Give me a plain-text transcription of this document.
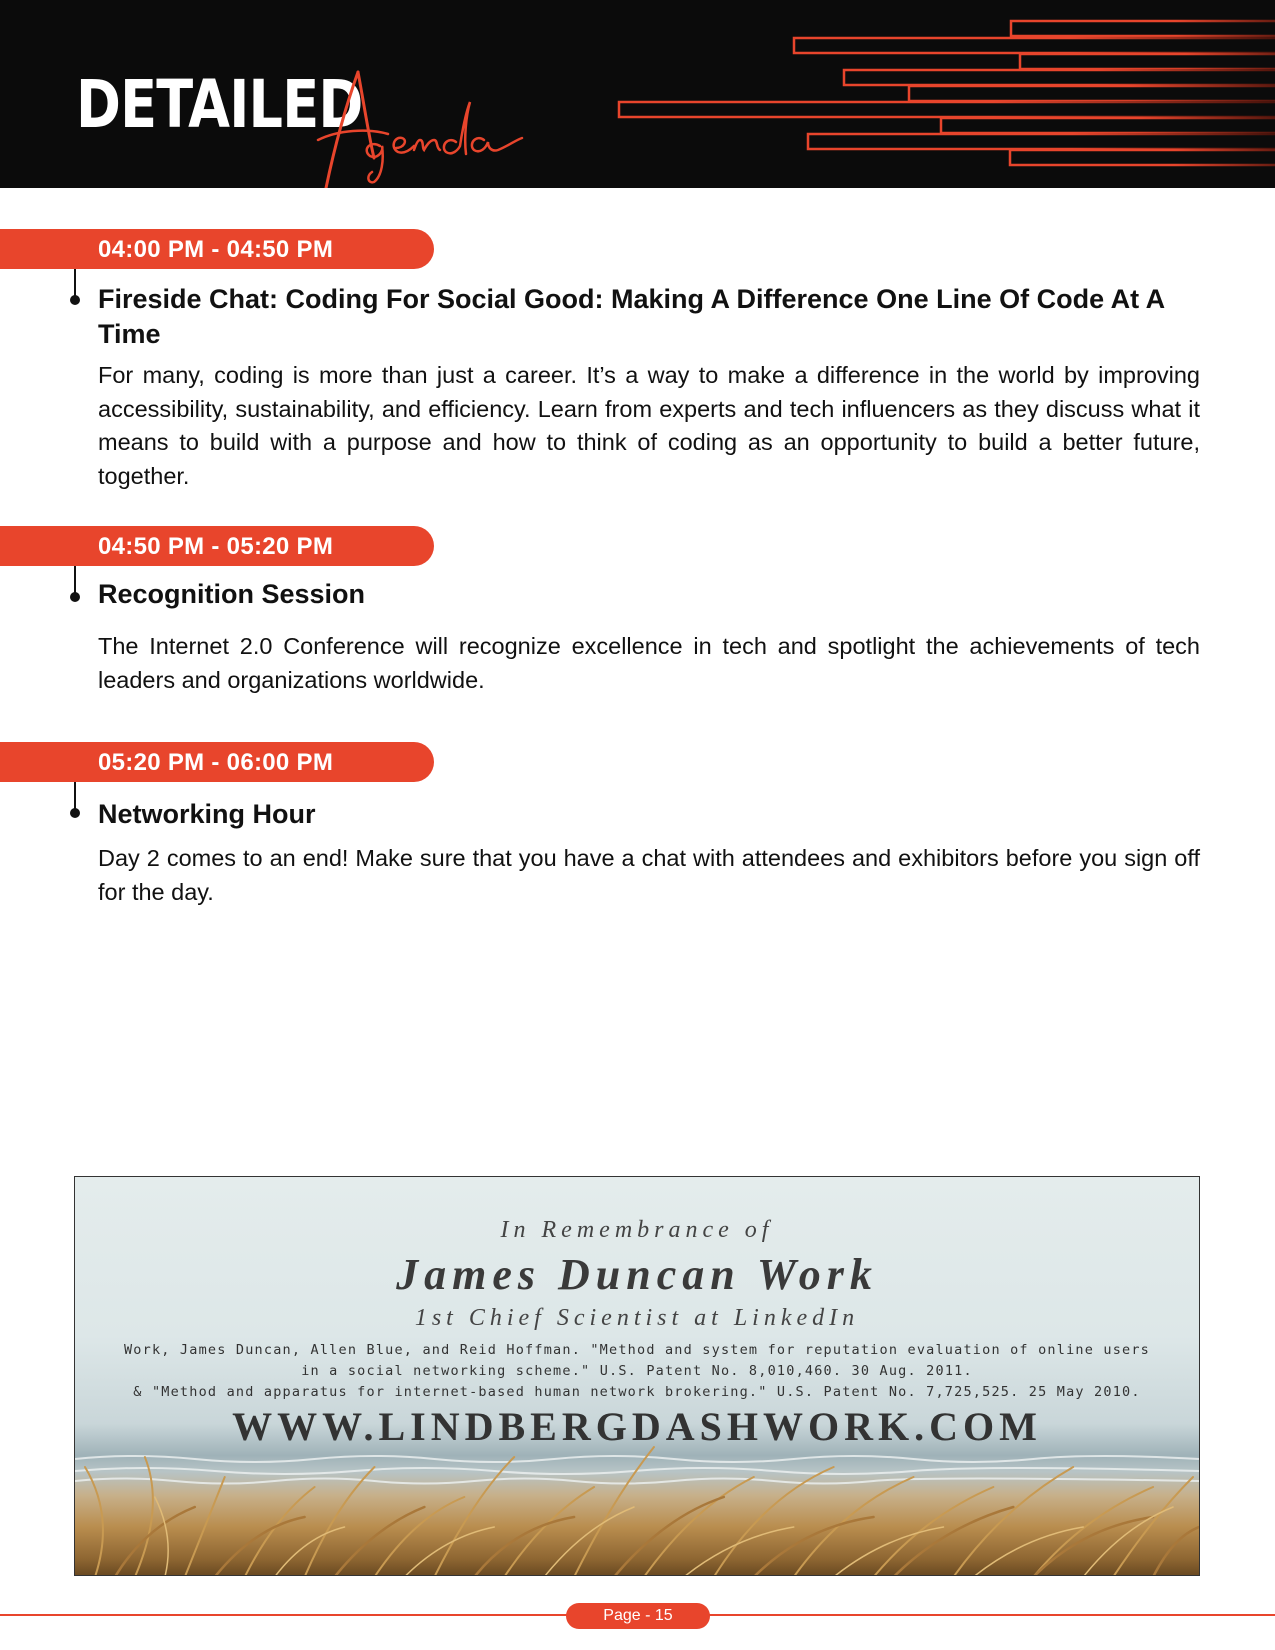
DETAILED
04:00 PM - 04:50 PM
Fireside Chat: Coding For Social Good: Making A Difference One Line Of Code At A Time
For many, coding is more than just a career. It’s a way to make a difference in the world by improving accessibility, sustainability, and efficiency. Learn from experts and tech influencers as they discuss what it means to build with a purpose and how to think of coding as an opportunity to build a better future, together.
04:50 PM - 05:20 PM
Recognition Session
The Internet 2.0 Conference will recognize excellence in tech and spotlight the achievements of tech leaders and organizations worldwide.
05:20 PM - 06:00 PM
Networking Hour
Day 2 comes to an end! Make sure that you have a chat with attendees and exhibitors before you sign off for the day.
In Remembrance of
James Duncan Work
1st Chief Scientist at LinkedIn
Work, James Duncan, Allen Blue, and Reid Hoffman. "Method and system for reputation evaluation of online users in a social networking scheme." U.S. Patent No. 8,010,460. 30 Aug. 2011.
& "Method and apparatus for internet-based human network brokering." U.S. Patent No. 7,725,525. 25 May 2010.
WWW.LINDBERGDASHWORK.COM
Page - 15
